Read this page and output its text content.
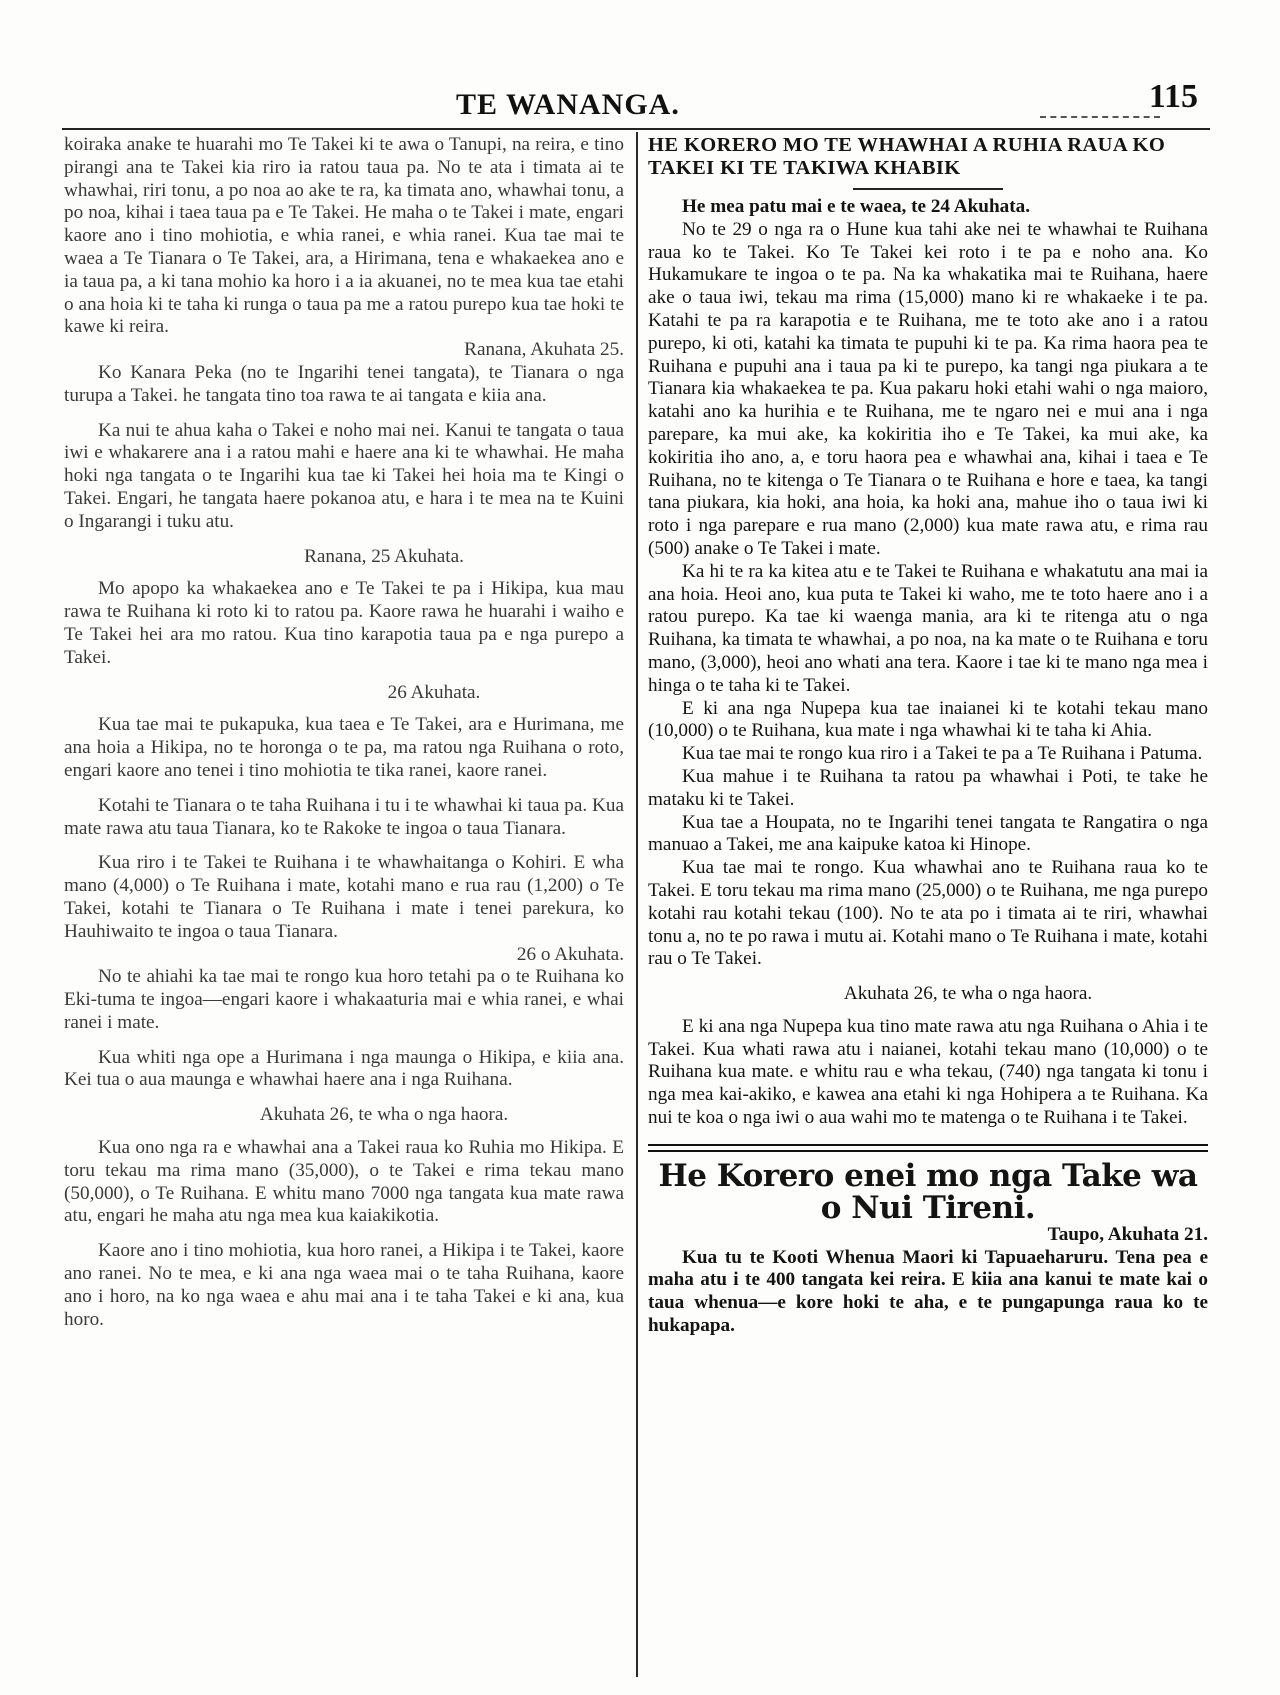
TE WANANGA.	115

koiraka anake te huarahi mo Te Takei ki te awa o Tanupi, na reira, e tino pirangi ana te Takei kia riro ia ratou taua pa. No te ata i timata ai te whawhai, riri tonu, a po noa ao ake te ra, ka timata ano, whawhai tonu, a po noa, kihai i taea taua pa e Te Takei. He maha o te Takei i mate, engari kaore ano i tino mohiotia, e whia ranei, e whia ranei. Kua tae mai te waea a Te Tianara o Te Takei, ara, a Hirimana, tena e whakaekea ano e ia taua pa, a ki tana mohio ka horo i a ia akuanei, no te mea kua tae etahi o ana hoia ki te taha ki runga o taua pa me a ratou purepo kua tae hoki te kawe ki reira.

Ranana, Akuhata 25.

Ko Kanara Peka (no te Ingarihi tenei tangata), te Tianara o nga turupa a Takei. he tangata tino toa rawa te ai tangata e kiia ana.

Ka nui te ahua kaha o Takei e noho mai nei. Kanui te tangata o taua iwi e whakarere ana i a ratou mahi e haere ana ki te whawhai. He maha hoki nga tangata o te Ingarihi kua tae ki Takei hei hoia ma te Kingi o Takei. Engari, he tangata haere pokanoa atu, e hara i te mea na te Kuini o Ingarangi i tuku atu.

Ranana, 25 Akuhata.

Mo apopo ka whakaekea ano e Te Takei te pa i Hikipa, kua mau rawa te Ruihana ki roto ki to ratou pa. Kaore rawa he huarahi i waiho e Te Takei hei ara mo ratou. Kua tino karapotia taua pa e nga purepo a Takei.

26 Akuhata.

Kua tae mai te pukapuka, kua taea e Te Takei, ara e Hurimana, me ana hoia a Hikipa, no te horonga o te pa, ma ratou nga Ruihana o roto, engari kaore ano tenei i tino mohiotia te tika ranei, kaore ranei.

Kotahi te Tianara o te taha Ruihana i tu i te whawhai ki taua pa. Kua mate rawa atu taua Tianara, ko te Rakoke te ingoa o taua Tianara.

Kua riro i te Takei te Ruihana i te whawhaitanga o Kohiri. E wha mano (4,000) o Te Ruihana i mate, kotahi mano e rua rau (1,200) o Te Takei, kotahi te Tianara o Te Ruihana i mate i tenei parekura, ko Hauhiwaito te ingoa o taua Tianara.

26 o Akuhata.

No te ahiahi ka tae mai te rongo kua horo tetahi pa o te Ruihana ko Eki-tuma te ingoa—engari kaore i whakaaturia mai e whia ranei, e whai ranei i mate.

Kua whiti nga ope a Hurimana i nga maunga o Hikipa, e kiia ana. Kei tua o aua maunga e whawhai haere ana i nga Ruihana.

Akuhata 26, te wha o nga haora.

Kua ono nga ra e whawhai ana a Takei raua ko Ruhia mo Hikipa. E toru tekau ma rima mano (35,000), o te Takei e rima tekau mano (50,000), o Te Ruihana. E whitu mano 7000 nga tangata kua mate rawa atu, engari he maha atu nga mea kua kaiakikotia.

Kaore ano i tino mohiotia, kua horo ranei, a Hikipa i te Takei, kaore ano ranei. No te mea, e ki ana nga waea mai o te taha Ruihana, kaore ano i horo, na ko nga waea e ahu mai ana i te taha Takei e ki ana, kua horo.

HE KORERO MO TE WHAWHAI A RUHIA RAUA KO TAKEI KI TE TAKIWA KHABIK

He mea patu mai e te waea, te 24 Akuhata.

No te 29 o nga ra o Hune kua tahi ake nei te whawhai te Ruihana raua ko te Takei. Ko Te Takei kei roto i te pa e noho ana. Ko Hukamukare te ingoa o te pa. Na ka whakatika mai te Ruihana, haere ake o taua iwi, tekau ma rima (15,000) mano ki re whakaeke i te pa. Katahi te pa ra karapotia e te Ruihana, me te toto ake ano i a ratou purepo, ki oti, katahi ka timata te pupuhi ki te pa. Ka rima haora pea te Ruihana e pupuhi ana i taua pa ki te purepo, ka tangi nga piukara a te Tianara kia whakaekea te pa. Kua pakaru hoki etahi wahi o nga maioro, katahi ano ka hurihia e te Ruihana, me te ngaro nei e mui ana i nga parepare, ka mui ake, ka kokiritia iho e Te Takei, ka mui ake, ka kokiritia iho ano, a, e toru haora pea e whawhai ana, kihai i taea e Te Ruihana, no te kitenga o Te Tianara o te Ruihana e hore e taea, ka tangi tana piukara, kia hoki, ana hoia, ka hoki ana, mahue iho o taua iwi ki roto i nga parepare e rua mano (2,000) kua mate rawa atu, e rima rau (500) anake o Te Takei i mate.

Ka hi te ra ka kitea atu e te Takei te Ruihana e whakatutu ana mai ia ana hoia. Heoi ano, kua puta te Takei ki waho, me te toto haere ano i a ratou purepo. Ka tae ki waenga mania, ara ki te ritenga atu o nga Ruihana, ka timata te whawhai, a po noa, na ka mate o te Ruihana e toru mano, (3,000), heoi ano whati ana tera. Kaore i tae ki te mano nga mea i hinga o te taha ki te Takei.

E ki ana nga Nupepa kua tae inaianei ki te kotahi tekau mano (10,000) o te Ruihana, kua mate i nga whawhai ki te taha ki Ahia.

Kua tae mai te rongo kua riro i a Takei te pa a Te Ruihana i Patuma.

Kua mahue i te Ruihana ta ratou pa whawhai i Poti, te take he mataku ki te Takei.

Kua tae a Houpata, no te Ingarihi tenei tangata te Rangatira o nga manuao a Takei, me ana kaipuke katoa ki Hinope.

Kua tae mai te rongo. Kua whawhai ano te Ruihana raua ko te Takei. E toru tekau ma rima mano (25,000) o te Ruihana, me nga purepo kotahi rau kotahi tekau (100). No te ata po i timata ai te riri, whawhai tonu a, no te po rawa i mutu ai. Kotahi mano o Te Ruihana i mate, kotahi rau o Te Takei.

Akuhata 26, te wha o nga haora.

E ki ana nga Nupepa kua tino mate rawa atu nga Ruihana o Ahia i te Takei. Kua whati rawa atu i naianei, kotahi tekau mano (10,000) o te Ruihana kua mate. e whitu rau e wha tekau, (740) nga tangata ki tonu i nga mea kai-akiko, e kawea ana etahi ki nga Hohipera a te Ruihana. Ka nui te koa o nga iwi o aua wahi mo te matenga o te Ruihana i te Takei.

He Korero enei mo nga Take wa o Nui Tireni.

Taupo, Akuhata 21.

Kua tu te Kooti Whenua Maori ki Tapuaeharuru. Tena pea e maha atu i te 400 tangata kei reira. E kiia ana kanui te mate kai o taua whenua—e kore hoki te aha, e te pungapunga raua ko te hukapapa.
